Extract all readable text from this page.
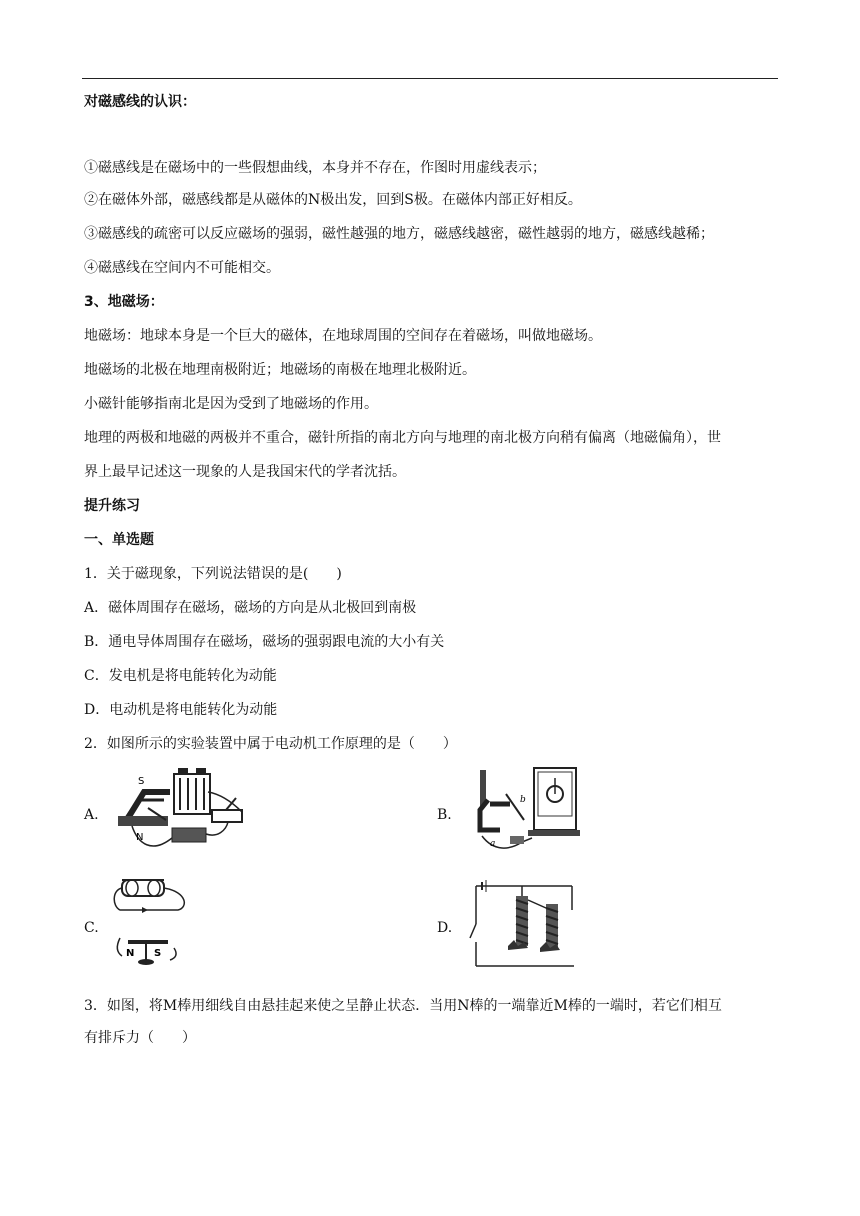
对磁感线的认识：
①磁感线是在磁场中的一些假想曲线，本身并不存在，作图时用虚线表示；
②在磁体外部，磁感线都是从磁体的N极出发，回到S极。在磁体内部正好相反。
③磁感线的疏密可以反应磁场的强弱，磁性越强的地方，磁感线越密，磁性越弱的地方，磁感线越稀；
④磁感线在空间内不可能相交。
3、地磁场：
地磁场：地球本身是一个巨大的磁体，在地球周围的空间存在着磁场，叫做地磁场。
地磁场的北极在地理南极附近；地磁场的南极在地理北极附近。
小磁针能够指南北是因为受到了地磁场的作用。
地理的两极和地磁的两极并不重合，磁针所指的南北方向与地理的南北极方向稍有偏离（地磁偏角），世
界上最早记述这一现象的人是我国宋代的学者沈括。
提升练习
一、单选题
1．关于磁现象，下列说法错误的是(　　)
A．磁体周围存在磁场，磁场的方向是从北极回到南极
B．通电导体周围存在磁场，磁场的强弱跟电流的大小有关
C．发电机是将电能转化为动能
D．电动机是将电能转化为动能
2．如图所示的实验装置中属于电动机工作原理的是（　　）
A.
S
N
B.
b
a
C.
N S
D.
3．如图，将M棒用细线自由悬挂起来使之呈静止状态．当用N棒的一端靠近M棒的一端时，若它们相互
有排斥力（　　）
